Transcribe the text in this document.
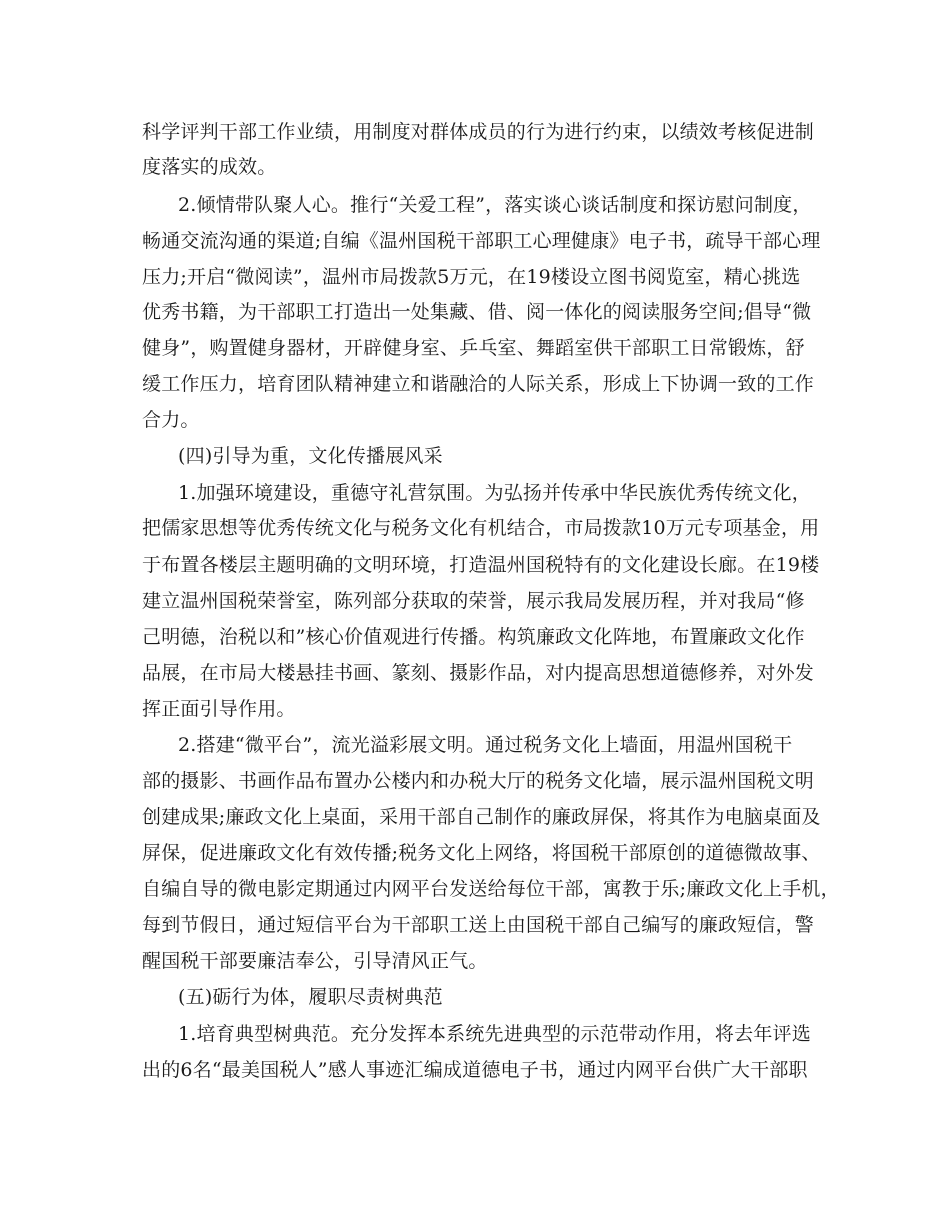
科学评判干部工作业绩，用制度对群体成员的行为进行约束，以绩效考核促进制
度落实的成效。
2.倾情带队聚人心。推行“关爱工程”，落实谈心谈话制度和探访慰问制度，
畅通交流沟通的渠道;自编《温州国税干部职工心理健康》电子书，疏导干部心理
压力;开启“微阅读”，温州市局拨款5万元，在19楼设立图书阅览室，精心挑选
优秀书籍，为干部职工打造出一处集藏、借、阅一体化的阅读服务空间;倡导“微
健身”，购置健身器材，开辟健身室、乒乓室、舞蹈室供干部职工日常锻炼，舒
缓工作压力，培育团队精神建立和谐融洽的人际关系，形成上下协调一致的工作
合力。
(四)引导为重，文化传播展风采
1.加强环境建设，重德守礼营氛围。为弘扬并传承中华民族优秀传统文化，
把儒家思想等优秀传统文化与税务文化有机结合，市局拨款10万元专项基金，用
于布置各楼层主题明确的文明环境，打造温州国税特有的文化建设长廊。在19楼
建立温州国税荣誉室，陈列部分获取的荣誉，展示我局发展历程，并对我局“修
己明德，治税以和”核心价值观进行传播。构筑廉政文化阵地，布置廉政文化作
品展，在市局大楼悬挂书画、篆刻、摄影作品，对内提高思想道德修养，对外发
挥正面引导作用。
2.搭建“微平台”，流光溢彩展文明。通过税务文化上墙面，用温州国税干
部的摄影、书画作品布置办公楼内和办税大厅的税务文化墙，展示温州国税文明
创建成果;廉政文化上桌面，采用干部自己制作的廉政屏保，将其作为电脑桌面及
屏保，促进廉政文化有效传播;税务文化上网络，将国税干部原创的道德微故事、
自编自导的微电影定期通过内网平台发送给每位干部，寓教于乐;廉政文化上手机，
每到节假日，通过短信平台为干部职工送上由国税干部自己编写的廉政短信，警
醒国税干部要廉洁奉公，引导清风正气。
(五)砺行为体，履职尽责树典范
1.培育典型树典范。充分发挥本系统先进典型的示范带动作用，将去年评选
出的6名“最美国税人”感人事迹汇编成道德电子书，通过内网平台供广大干部职
